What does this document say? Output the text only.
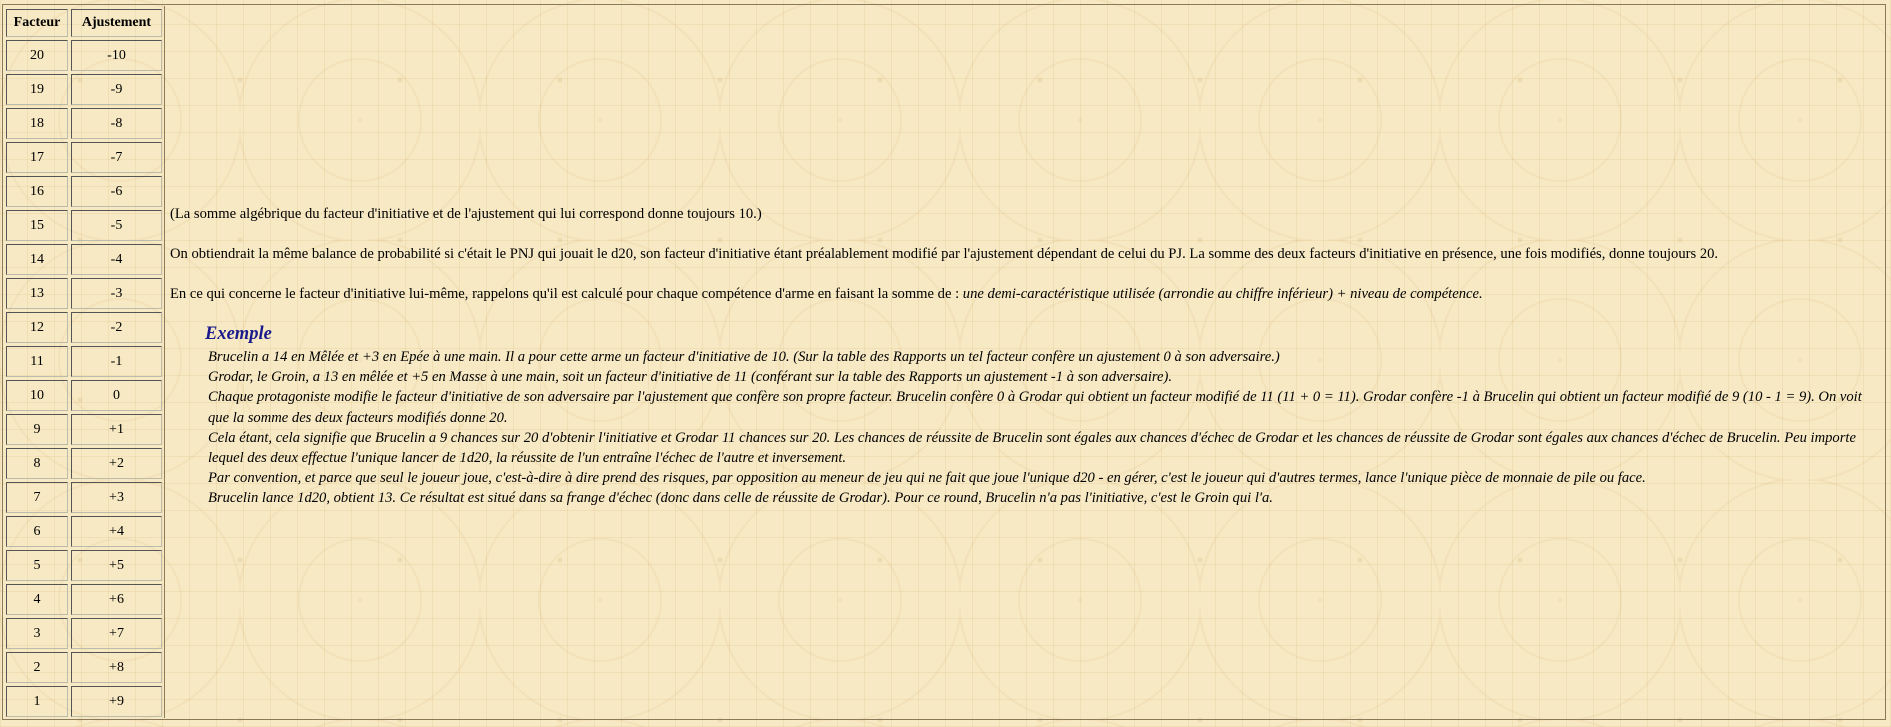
Facteur	Ajustement
20	-10
19	-9
18	-8
17	-7
16	-6
15	-5
14	-4
13	-3
12	-2
11	-1
10	0
9	+1
8	+2
7	+3
6	+4
5	+5
4	+6
3	+7
2	+8
1	+9

(La somme algébrique du facteur d'initiative et de l'ajustement qui lui correspond donne toujours 10.)

On obtiendrait la même balance de probabilité si c'était le PNJ qui jouait le d20, son facteur d'initiative étant préalablement modifié par l'ajustement dépendant de celui du PJ. La somme des deux facteurs d'initiative en présence, une fois modifiés, donne toujours 20.

En ce qui concerne le facteur d'initiative lui-même, rappelons qu'il est calculé pour chaque compétence d'arme en faisant la somme de : une demi-caractéristique utilisée (arrondie au chiffre inférieur) + niveau de compétence.

Exemple
Brucelin a 14 en Mêlée et +3 en Epée à une main. Il a pour cette arme un facteur d'initiative de 10. (Sur la table des Rapports un tel facteur confère un ajustement 0 à son adversaire.)
Grodar, le Groin, a 13 en mêlée et +5 en Masse à une main, soit un facteur d'initiative de 11 (conférant sur la table des Rapports un ajustement -1 à son adversaire).
Chaque protagoniste modifie le facteur d'initiative de son adversaire par l'ajustement que confère son propre facteur. Brucelin confère 0 à Grodar qui obtient un facteur modifié de 11 (11 + 0 = 11). Grodar confère -1 à Brucelin qui obtient un facteur modifié de 9 (10 - 1 = 9). On voit que la somme des deux facteurs modifiés donne 20.
Cela étant, cela signifie que Brucelin a 9 chances sur 20 d'obtenir l'initiative et Grodar 11 chances sur 20. Les chances de réussite de Brucelin sont égales aux chances d'échec de Grodar et les chances de réussite de Grodar sont égales aux chances d'échec de Brucelin. Peu importe lequel des deux effectue l'unique lancer de 1d20, la réussite de l'un entraîne l'échec de l'autre et inversement.
Par convention, et parce que seul le joueur joue, c'est-à-dire à dire prend des risques, par opposition au meneur de jeu qui ne fait que joue l'unique d20 - en gérer, c'est le joueur qui d'autres termes, lance l'unique pièce de monnaie de pile ou face.
Brucelin lance 1d20, obtient 13. Ce résultat est situé dans sa frange d'échec (donc dans celle de réussite de Grodar). Pour ce round, Brucelin n'a pas l'initiative, c'est le Groin qui l'a.
